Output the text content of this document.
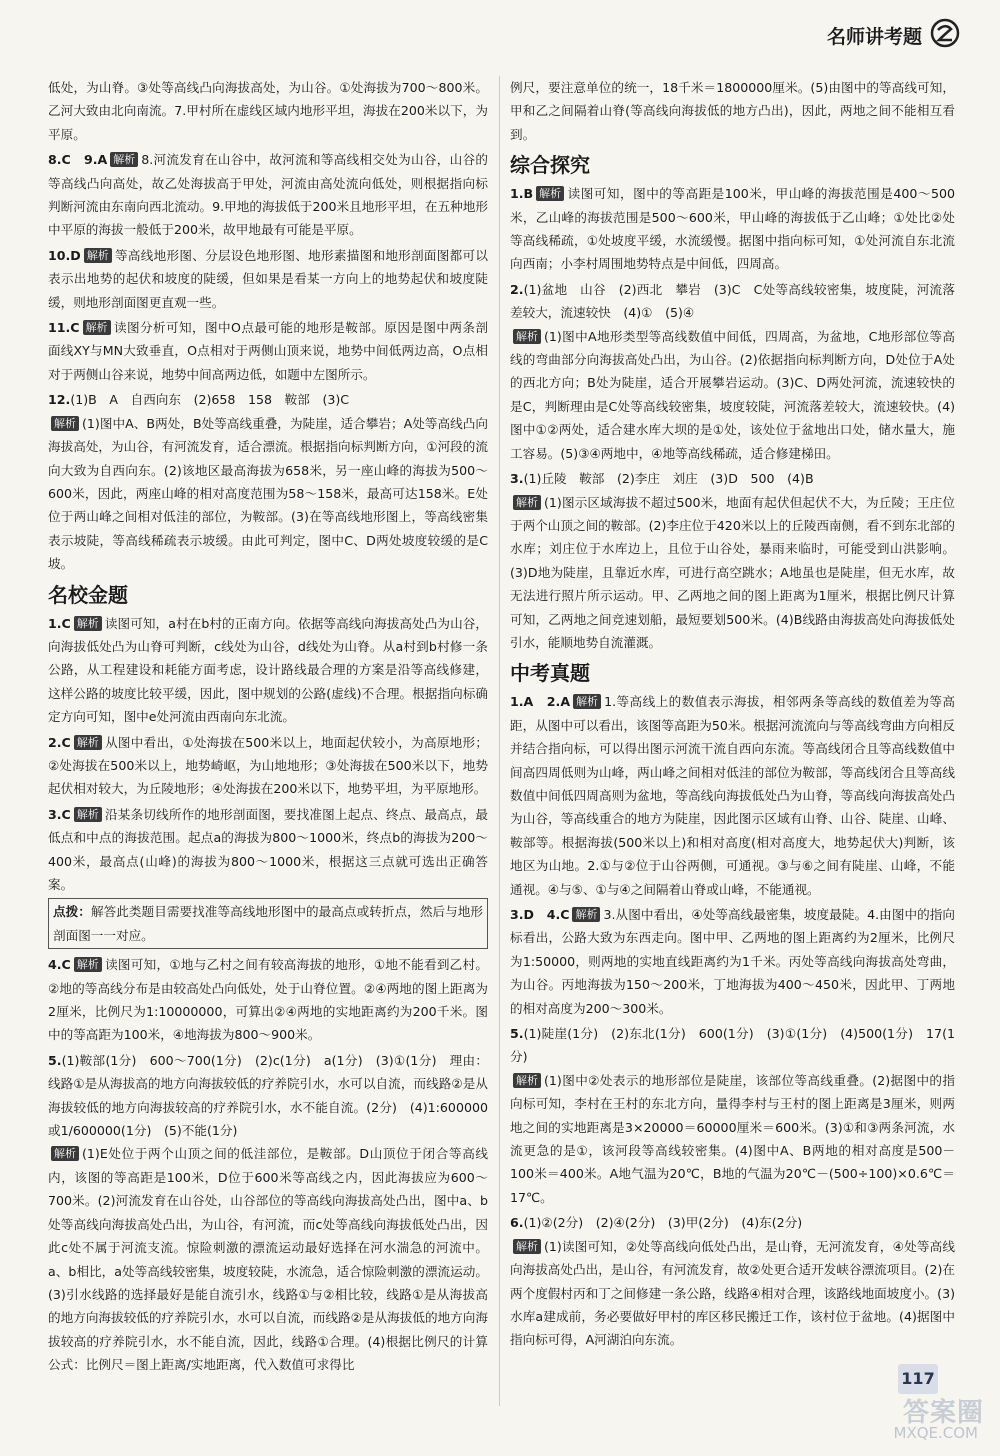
名师讲考题
低处，为山脊。③处等高线凸向海拔高处，为山谷。①处海拔为700～800米。乙河大致由北向南流。7.甲村所在虚线区域内地形平坦，海拔在200米以下，为平原。
8.C　9.A 解析 8.河流发育在山谷中，故河流和等高线相交处为山谷，山谷的等高线凸向高处，故乙处海拔高于甲处，河流由高处流向低处，则根据指向标判断河流由东南向西北流动。9.甲地的海拔低于200米且地形平坦，在五种地形中平原的海拔一般低于200米，故甲地最有可能是平原。
10.D 解析 等高线地形图、分层设色地形图、地形素描图和地形剖面图都可以表示出地势的起伏和坡度的陡缓，但如果是看某一方向上的地势起伏和坡度陡缓，则地形剖面图更直观一些。
11.C 解析 读图分析可知，图中O点最可能的地形是鞍部。原因是图中两条剖面线XY与MN大致垂直，O点相对于两侧山顶来说，地势中间低两边高，O点相对于两侧山谷来说，地势中间高两边低，如题中左图所示。
12.(1)B　A　自西向东　(2)658　158　鞍部　(3)C
解析 (1)图中A、B两处，B处等高线重叠，为陡崖，适合攀岩；A处等高线凸向海拔高处，为山谷，有河流发育，适合漂流。根据指向标判断方向，①河段的流向大致为自西向东。(2)该地区最高海拔为658米，另一座山峰的海拔为500～600米，因此，两座山峰的相对高度范围为58～158米，最高可达158米。E处位于两山峰之间相对低洼的部位，为鞍部。(3)在等高线地形图上，等高线密集表示坡陡，等高线稀疏表示坡缓。由此可判定，图中C、D两处坡度较缓的是C坡。
名校金题
1.C 解析 读图可知，a村在b村的正南方向。依据等高线向海拔高处凸为山谷，向海拔低处凸为山脊可判断，c线处为山谷，d线处为山脊。从a村到b村修一条公路，从工程建设和耗能方面考虑，设计路线最合理的方案是沿等高线修建，这样公路的坡度比较平缓，因此，图中规划的公路(虚线)不合理。根据指向标确定方向可知，图中e处河流由西南向东北流。
2.C 解析 从图中看出，①处海拔在500米以上，地面起伏较小，为高原地形；②处海拔在500米以上，地势崎岖，为山地地形；③处海拔在500米以下，地势起伏相对较大，为丘陵地形；④处海拔在200米以下，地势平坦，为平原地形。
3.C 解析 沿某条切线所作的地形剖面图，要找准图上起点、终点、最高点，最低点和中点的海拔范围。起点a的海拔为800～1000米，终点b的海拔为200～400米，最高点(山峰)的海拔为800～1000米，根据这三点就可选出正确答案。
点拨：解答此类题目需要找准等高线地形图中的最高点或转折点，然后与地形剖面图一一对应。
4.C 解析 读图可知，①地与乙村之间有较高海拔的地形，①地不能看到乙村。②地的等高线分布是由较高处凸向低处，处于山脊位置。②④两地的图上距离为2厘米，比例尺为1:10000000，可算出②④两地的实地距离约为200千米。图中的等高距为100米，④地海拔为800～900米。
5.(1)鞍部(1分)　600～700(1分)　(2)c(1分)　a(1分)　(3)①(1分)　理由：线路①是从海拔高的地方向海拔较低的疗养院引水，水可以自流，而线路②是从海拔较低的地方向海拔较高的疗养院引水，水不能自流。(2分)　(4)1:600000或1/600000(1分)　(5)不能(1分)
解析 (1)E处位于两个山顶之间的低洼部位，是鞍部。D山顶位于闭合等高线内，该图的等高距是100米，D位于600米等高线之内，因此海拔应为600～700米。(2)河流发育在山谷处，山谷部位的等高线向海拔高处凸出，图中a、b处等高线向海拔高处凸出，为山谷，有河流，而c处等高线向海拔低处凸出，因此c处不属于河流支流。惊险刺激的漂流运动最好选择在河水湍急的河流中。a、b相比，a处等高线较密集，坡度较陡，水流急，适合惊险刺激的漂流运动。(3)引水线路的选择最好是能自流引水，线路①与②相比较，线路①是从海拔高的地方向海拔较低的疗养院引水，水可以自流，而线路②是从海拔低的地方向海拔较高的疗养院引水，水不能自流，因此，线路①合理。(4)根据比例尺的计算公式：比例尺＝图上距离/实地距离，代入数值可求得比
例尺，要注意单位的统一，18千米＝1800000厘米。(5)由图中的等高线可知，甲和乙之间隔着山脊(等高线向海拔低的地方凸出)，因此，两地之间不能相互看到。
综合探究
1.B 解析 读图可知，图中的等高距是100米，甲山峰的海拔范围是400～500米，乙山峰的海拔范围是500～600米，甲山峰的海拔低于乙山峰；①处比②处等高线稀疏，①处坡度平缓，水流缓慢。据图中指向标可知，①处河流自东北流向西南；小李村周围地势特点是中间低，四周高。
2.(1)盆地　山谷　(2)西北　攀岩　(3)C　C处等高线较密集，坡度陡，河流落差较大，流速较快　(4)①　(5)④
解析 (1)图中A地形类型等高线数值中间低，四周高，为盆地，C地形部位等高线的弯曲部分向海拔高处凸出，为山谷。(2)依据指向标判断方向，D处位于A处的西北方向；B处为陡崖，适合开展攀岩运动。(3)C、D两处河流，流速较快的是C，判断理由是C处等高线较密集，坡度较陡，河流落差较大，流速较快。(4)图中①②两处，适合建水库大坝的是①处，该处位于盆地出口处，储水量大，施工容易。(5)③④两地中，④地等高线稀疏，适合修建梯田。
3.(1)丘陵　鞍部　(2)李庄　刘庄　(3)D　500　(4)B
解析 (1)图示区域海拔不超过500米，地面有起伏但起伏不大，为丘陵；王庄位于两个山顶之间的鞍部。(2)李庄位于420米以上的丘陵西南侧，看不到东北部的水库；刘庄位于水库边上，且位于山谷处，暴雨来临时，可能受到山洪影响。(3)D地为陡崖，且靠近水库，可进行高空跳水；A地虽也是陡崖，但无水库，故无法进行照片所示运动。甲、乙两地之间的图上距离为1厘米，根据比例尺计算可知，乙两地之间竞速划船，最短要划500米。(4)B线路由海拔高处向海拔低处引水，能顺地势自流灌溉。
中考真题
1.A　2.A 解析 1.等高线上的数值表示海拔，相邻两条等高线的数值差为等高距，从图中可以看出，该图等高距为50米。根据河流流向与等高线弯曲方向相反并结合指向标，可以得出图示河流干流自西向东流。等高线闭合且等高线数值中间高四周低则为山峰，两山峰之间相对低洼的部位为鞍部，等高线闭合且等高线数值中间低四周高则为盆地，等高线向海拔低处凸为山脊，等高线向海拔高处凸为山谷，等高线重合的地方为陡崖，因此图示区域有山脊、山谷、陡崖、山峰、鞍部等。根据海拔(500米以上)和相对高度(相对高度大，地势起伏大)判断，该地区为山地。2.①与②位于山谷两侧，可通视。③与⑥之间有陡崖、山峰，不能通视。④与⑤、①与④之间隔着山脊或山峰，不能通视。
3.D　4.C 解析 3.从图中看出，④处等高线最密集，坡度最陡。4.由图中的指向标看出，公路大致为东西走向。图中甲、乙两地的图上距离约为2厘米，比例尺为1:50000，则两地的实地直线距离约为1千米。丙处等高线向海拔高处弯曲，为山谷。丙地海拔为150～200米，丁地海拔为400～450米，因此甲、丁两地的相对高度为200～300米。
5.(1)陡崖(1分)　(2)东北(1分)　600(1分)　(3)①(1分)　(4)500(1分)　17(1分)
解析 (1)图中②处表示的地形部位是陡崖，该部位等高线重叠。(2)据图中的指向标可知，李村在王村的东北方向，量得李村与王村的图上距离是3厘米，则两地之间的实地距离是3×20000＝60000厘米＝600米。(3)①和③两条河流，水流更急的是①，该河段等高线较密集。(4)图中A、B两地的相对高度是500－100米＝400米。A地气温为20℃，B地的气温为20℃－(500÷100)×0.6℃＝17℃。
6.(1)②(2分)　(2)④(2分)　(3)甲(2分)　(4)东(2分)
解析 (1)读图可知，②处等高线向低处凸出，是山脊，无河流发育，④处等高线向海拔高处凸出，是山谷，有河流发育，故②处更合适开发峡谷漂流项目。(2)在两个度假村丙和丁之间修建一条公路，线路④相对合理，该路线地面坡度小。(3)水库a建成前，务必要做好甲村的库区移民搬迁工作，该村位于盆地。(4)据图中指向标可得，A河湖泊向东流。
117
答案圈
MXQE.COM
